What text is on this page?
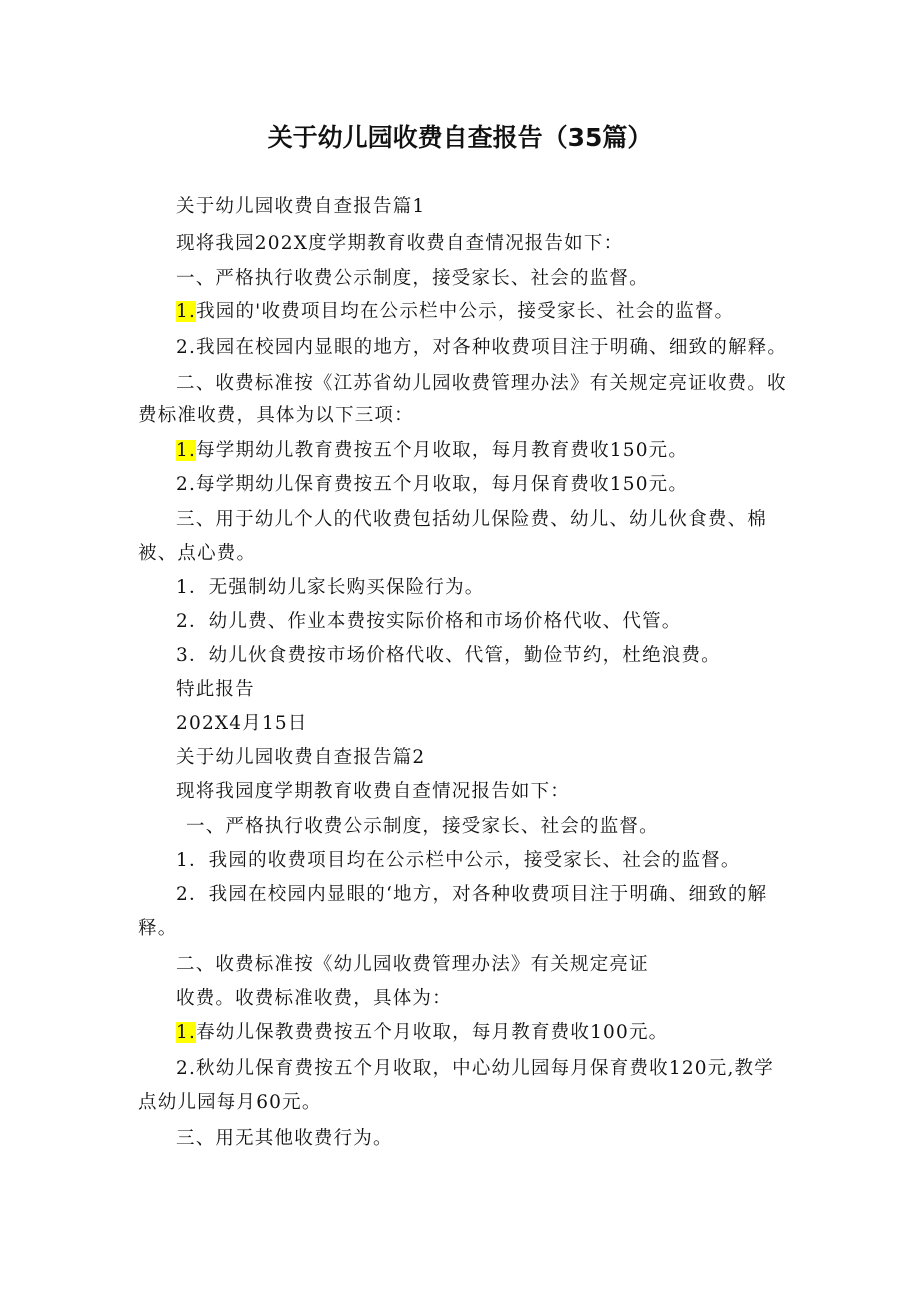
关于幼儿园收费自查报告（35篇）
关于幼儿园收费自查报告篇1
现将我园202X度学期教育收费自查情况报告如下：
一、严格执行收费公示制度，接受家长、社会的监督。
1.我园的'收费项目均在公示栏中公示，接受家长、社会的监督。
2.我园在校园内显眼的地方，对各种收费项目注于明确、细致的解释。
二、收费标准按《江苏省幼儿园收费管理办法》有关规定亮证收费。收
费标准收费，具体为以下三项：
1.每学期幼儿教育费按五个月收取，每月教育费收150元。
2.每学期幼儿保育费按五个月收取，每月保育费收150元。
三、用于幼儿个人的代收费包括幼儿保险费、幼儿、幼儿伙食费、棉
被、点心费。
1．无强制幼儿家长购买保险行为。
2．幼儿费、作业本费按实际价格和市场价格代收、代管。
3．幼儿伙食费按市场价格代收、代管，勤俭节约，杜绝浪费。
特此报告
202X4月15日
关于幼儿园收费自查报告篇2
现将我园度学期教育收费自查情况报告如下：
一、严格执行收费公示制度，接受家长、社会的监督。
1．我园的收费项目均在公示栏中公示，接受家长、社会的监督。
2．我园在校园内显眼的‘地方，对各种收费项目注于明确、细致的解
释。
二、收费标准按《幼儿园收费管理办法》有关规定亮证
收费。收费标准收费，具体为：
1.春幼儿保教费费按五个月收取，每月教育费收100元。
2.秋幼儿保育费按五个月收取，中心幼儿园每月保育费收120元,教学
点幼儿园每月60元。
三、用无其他收费行为。
